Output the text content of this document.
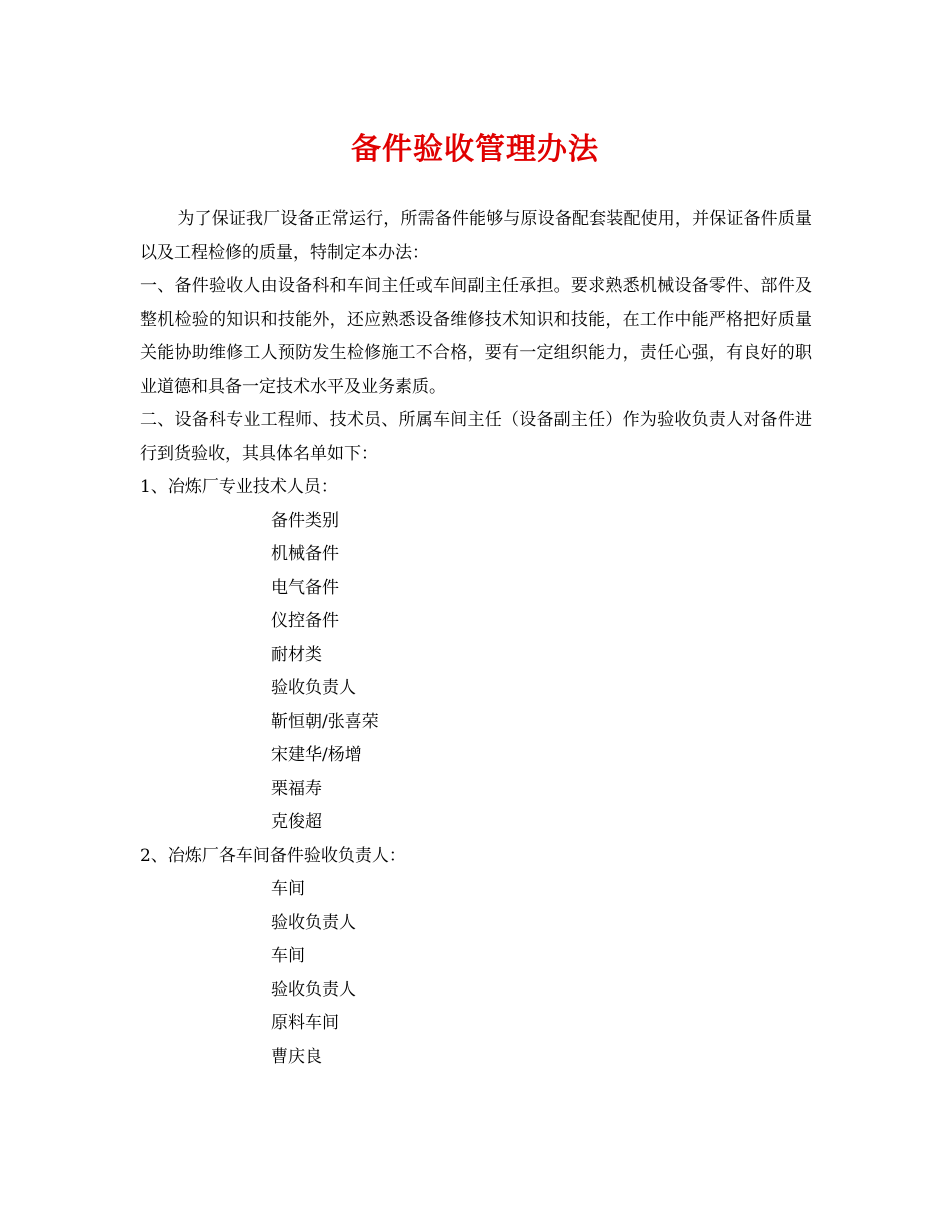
备件验收管理办法

为了保证我厂设备正常运行，所需备件能够与原设备配套装配使用，并保证备件质量以及工程检修的质量，特制定本办法：

一、备件验收人由设备科和车间主任或车间副主任承担。要求熟悉机械设备零件、部件及整机检验的知识和技能外，还应熟悉设备维修技术知识和技能，在工作中能严格把好质量关能协助维修工人预防发生检修施工不合格，要有一定组织能力，责任心强，有良好的职业道德和具备一定技术水平及业务素质。

二、设备科专业工程师、技术员、所属车间主任（设备副主任）作为验收负责人对备件进行到货验收，其具体名单如下：

1、冶炼厂专业技术人员：

备件类别

机械备件

电气备件

仪控备件

耐材类

验收负责人

靳恒朝/张喜荣

宋建华/杨增

栗福寿

克俊超

2、冶炼厂各车间备件验收负责人：

车间

验收负责人

车间

验收负责人

原料车间

曹庆良
